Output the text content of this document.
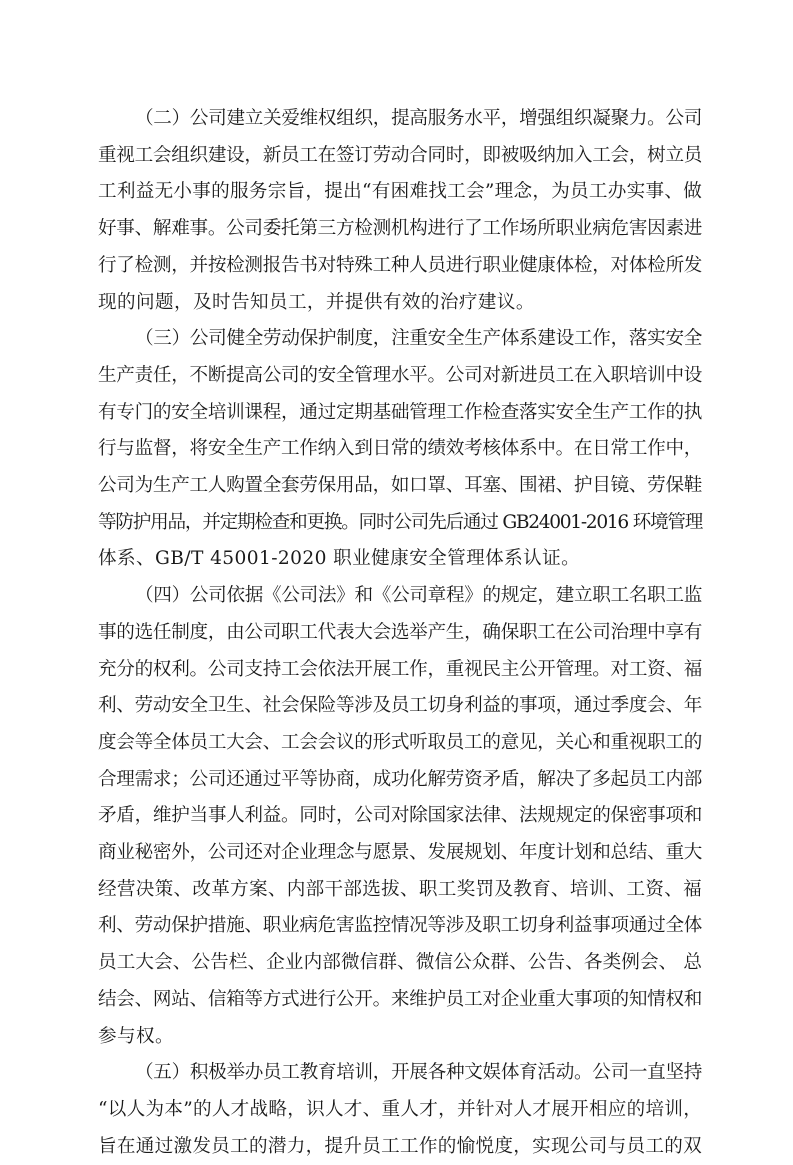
（二）公司建立关爱维权组织，提高服务水平，增强组织凝聚力。公司
重视工会组织建设，新员工在签订劳动合同时，即被吸纳加入工会，树立员
工利益无小事的服务宗旨，提出“有困难找工会”理念，为员工办实事、做
好事、解难事。公司委托第三方检测机构进行了工作场所职业病危害因素进
行了检测，并按检测报告书对特殊工种人员进行职业健康体检，对体检所发
现的问题，及时告知员工，并提供有效的治疗建议。

（三）公司健全劳动保护制度，注重安全生产体系建设工作，落实安全
生产责任，不断提高公司的安全管理水平。公司对新进员工在入职培训中设
有专门的安全培训课程，通过定期基础管理工作检查落实安全生产工作的执
行与监督，将安全生产工作纳入到日常的绩效考核体系中。在日常工作中，
公司为生产工人购置全套劳保用品，如口罩、耳塞、围裙、护目镜、劳保鞋
等防护用品，并定期检查和更换。同时公司先后通过 GB24001-2016 环境管理
体系、GB/T 45001-2020 职业健康安全管理体系认证。

（四）公司依据《公司法》和《公司章程》的规定，建立职工名职工监
事的选任制度，由公司职工代表大会选举产生，确保职工在公司治理中享有
充分的权利。公司支持工会依法开展工作，重视民主公开管理。对工资、福
利、劳动安全卫生、社会保险等涉及员工切身利益的事项，通过季度会、年
度会等全体员工大会、工会会议的形式听取员工的意见，关心和重视职工的
合理需求；公司还通过平等协商，成功化解劳资矛盾，解决了多起员工内部
矛盾，维护当事人利益。同时，公司对除国家法律、法规规定的保密事项和
商业秘密外，公司还对企业理念与愿景、发展规划、年度计划和总结、重大
经营决策、改革方案、内部干部选拔、职工奖罚及教育、培训、工资、福
利、劳动保护措施、职业病危害监控情况等涉及职工切身利益事项通过全体
员工大会、公告栏、企业内部微信群、微信公众群、公告、各类例会、 总
结会、网站、信箱等方式进行公开。来维护员工对企业重大事项的知情权和
参与权。

（五）积极举办员工教育培训，开展各种文娱体育活动。公司一直坚持
“以人为本”的人才战略，识人才、重人才，并针对人才展开相应的培训，
旨在通过激发员工的潜力，提升员工工作的愉悦度，实现公司与员工的双
